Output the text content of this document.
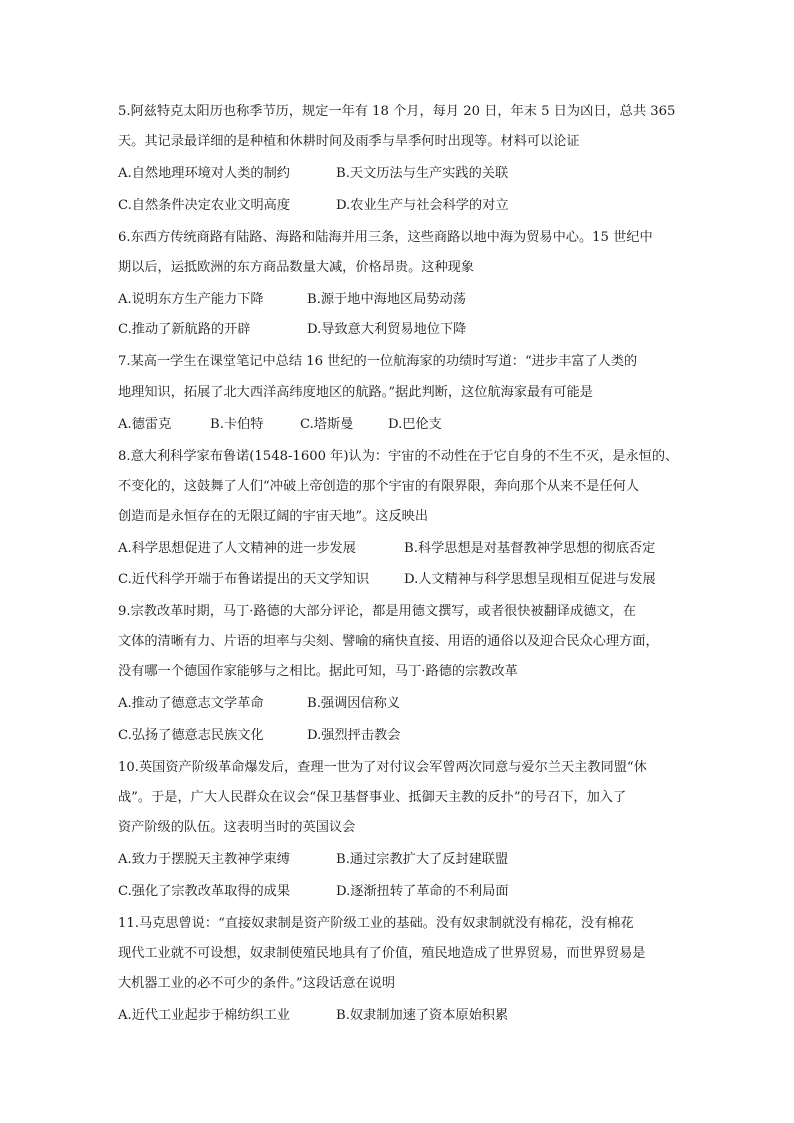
5.阿兹特克太阳历也称季节历，规定一年有 18 个月，每月 20 日，年末 5 日为凶日，总共 365
天。其记录最详细的是种植和休耕时间及雨季与旱季何时出现等。材料可以论证
A.自然地理环境对人类的制约	B.天文历法与生产实践的关联
C.自然条件决定农业文明高度	D.农业生产与社会科学的对立
6.东西方传统商路有陆路、海路和陆海并用三条，这些商路以地中海为贸易中心。15 世纪中
期以后，运抵欧洲的东方商品数量大减，价格昂贵。这种现象
A.说明东方生产能力下降	B.源于地中海地区局势动荡
C.推动了新航路的开辟	D.导致意大利贸易地位下降
7.某高一学生在课堂笔记中总结 16 世纪的一位航海家的功绩时写道：“进步丰富了人类的
地理知识，拓展了北大西洋高纬度地区的航路。”据此判断，这位航海家最有可能是
A.德雷克	B.卡伯特	C.塔斯曼	D.巴伦支
8.意大利科学家布鲁诺(1548-1600 年)认为：宇宙的不动性在于它自身的不生不灭，是永恒的、
不变化的，这鼓舞了人们“冲破上帝创造的那个宇宙的有限界限，奔向那个从来不是任何人
创造而是永恒存在的无限辽阔的宇宙天地”。这反映出
A.科学思想促进了人文精神的进一步发展	B.科学思想是对基督教神学思想的彻底否定
C.近代科学开端于布鲁诺提出的天文学知识	D.人文精神与科学思想呈现相互促进与发展
9.宗教改革时期，马丁·路德的大部分评论，都是用德文撰写，或者很快被翻译成德文，在
文体的清晰有力、片语的坦率与尖刻、譬喻的痛快直接、用语的通俗以及迎合民众心理方面，
没有哪一个德国作家能够与之相比。据此可知，马丁·路德的宗教改革
A.推动了德意志文学革命	B.强调因信称义
C.弘扬了德意志民族文化	D.强烈抨击教会
10.英国资产阶级革命爆发后，查理一世为了对付议会军曾两次同意与爱尔兰天主教同盟“休
战”。于是，广大人民群众在议会“保卫基督事业、抵御天主教的反扑”的号召下，加入了
资产阶级的队伍。这表明当时的英国议会
A.致力于摆脱天主教神学束缚	B.通过宗教扩大了反封建联盟
C.强化了宗教改革取得的成果	D.逐渐扭转了革命的不利局面
11.马克思曾说：“直接奴隶制是资产阶级工业的基础。没有奴隶制就没有棉花，没有棉花
现代工业就不可设想，奴隶制使殖民地具有了价值，殖民地造成了世界贸易，而世界贸易是
大机器工业的必不可少的条件。”这段话意在说明
A.近代工业起步于棉纺织工业	B.奴隶制加速了资本原始积累
